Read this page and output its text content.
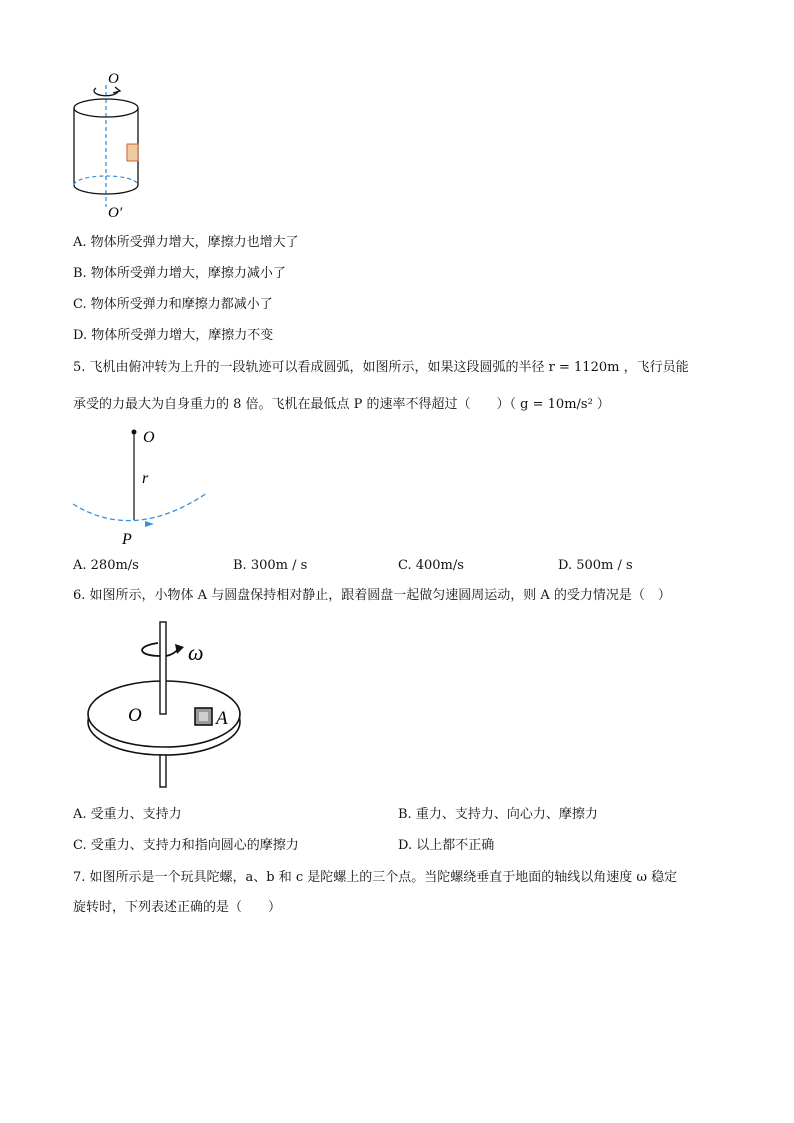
O
O′
A. 物体所受弹力增大，摩擦力也增大了
B. 物体所受弹力增大，摩擦力减小了
C. 物体所受弹力和摩擦力都减小了
D. 物体所受弹力增大，摩擦力不变
5. 飞机由俯冲转为上升的一段轨迹可以看成圆弧，如图所示，如果这段圆弧的半径 r = 1120m ，飞行员能
承受的力最大为自身重力的 8 倍。飞机在最低点 P 的速率不得超过（　　）（ g = 10m/s² ）
O
r
P
A. 280m/s	B. 300m / s	C. 400m/s	D. 500m / s
6. 如图所示，小物体 A 与圆盘保持相对静止，跟着圆盘一起做匀速圆周运动，则 A 的受力情况是（　）
ω
O	A
A. 受重力、支持力	B. 重力、支持力、向心力、摩擦力
C. 受重力、支持力和指向圆心的摩擦力	D. 以上都不正确
7. 如图所示是一个玩具陀螺，a、b 和 c 是陀螺上的三个点。当陀螺绕垂直于地面的轴线以角速度 ω 稳定
旋转时，下列表述正确的是（　　）
